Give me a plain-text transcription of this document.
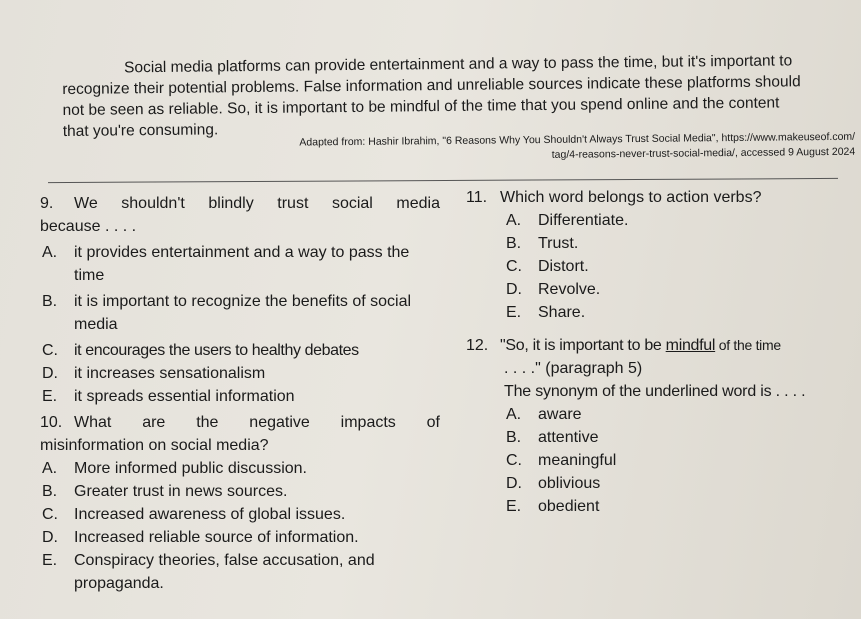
Social media platforms can provide entertainment and a way to pass the time, but it's important to

recognize their potential problems. False information and unreliable sources indicate these platforms should

not be seen as reliable. So, it is important to be mindful of the time that you spend online and the content

that you're consuming.	Adapted from: Hashir Ibrahim, "6 Reasons Why You Shouldn't Always Trust Social Media", https://www.makeuseof.com/
tag/4-reasons-never-trust-social-media/, accessed 9 August 2024
9.	We shouldn't blindly trust social media
because . . . .
A.	it provides entertainment and a way to pass the time
B.	it is important to recognize the benefits of social media
C.	it encourages the users to healthy debates
D.	it increases sensationalism
E.	it spreads essential information
10. What are the negative impacts of
misinformation on social media?
A.	More informed public discussion.
B.	Greater trust in news sources.
C.	Increased awareness of global issues.
D.	Increased reliable source of information.
E.	Conspiracy theories, false accusation, and propaganda.
11. Which word belongs to action verbs?
A.	Differentiate.
B.	Trust.
C.	Distort.
D.	Revolve.
E.	Share.
12. "So, it is important to be mindful of the time
. . . ." (paragraph 5)
The synonym of the underlined word is . . . .
A.	aware
B.	attentive
C.	meaningful
D.	oblivious
E.	obedient
